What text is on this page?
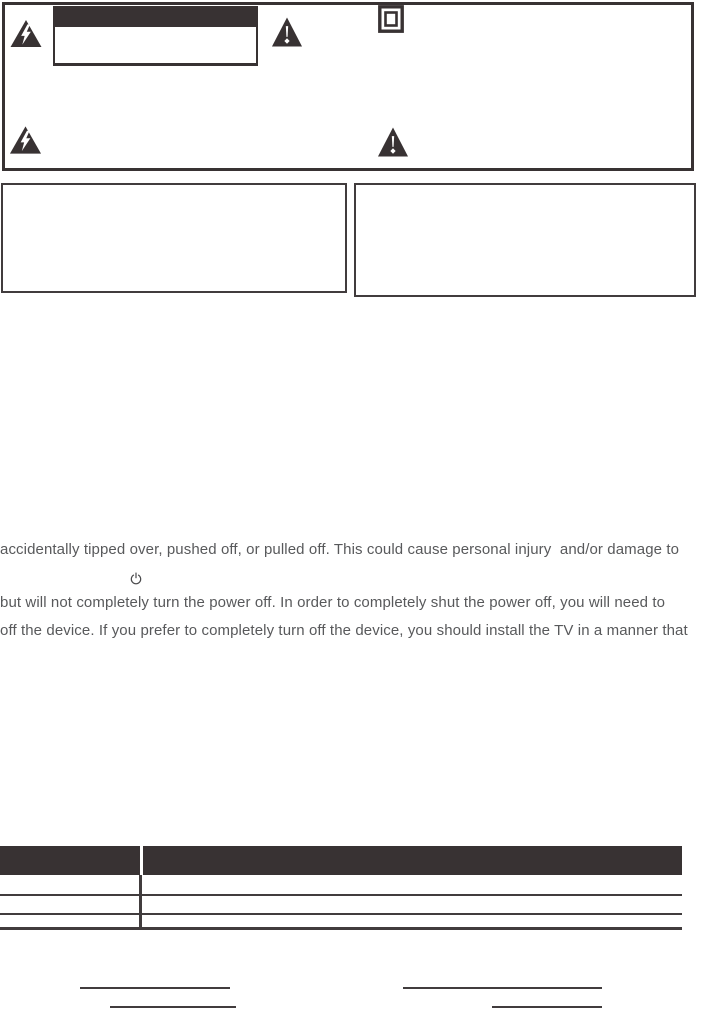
accidentally tipped over, pushed off, or pulled off. This could cause personal injury  and/or damage to
but will not completely turn the power off. In order to completely shut the power off, you will need to
off the device. If you prefer to completely turn off the device, you should install the TV in a manner that
